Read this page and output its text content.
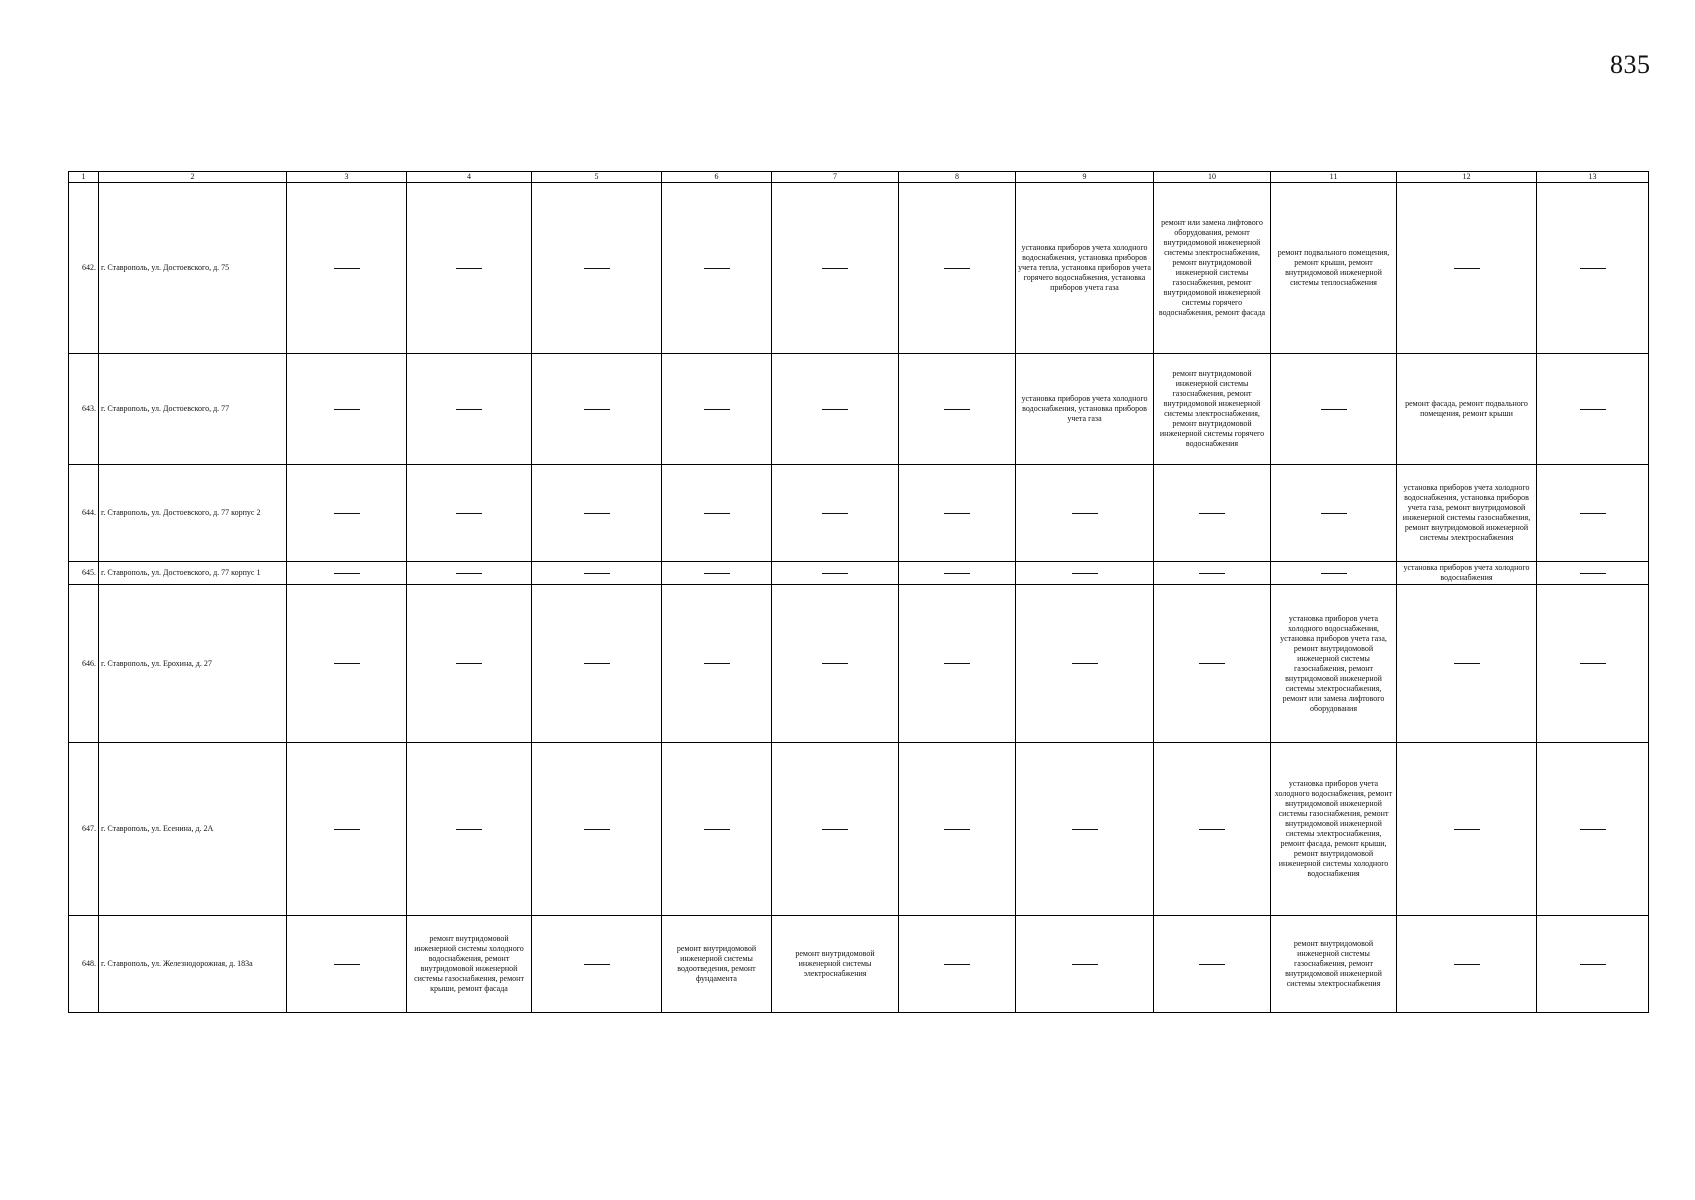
835
1	2	3	4	5	6	7	8	9	10	11	12	13
642.	г. Ставрополь, ул. Достоевского, д. 75							установка приборов учета холодного водоснабжения, установка приборов учета тепла, установка приборов учета горячего водоснабжения, установка приборов учета газа	ремонт или замена лифтового оборудования, ремонт внутридомовой инженерной системы электроснабжения, ремонт внутридомовой инженерной системы газоснабжения, ремонт внутридомовой инженерной системы горячего водоснабжения, ремонт фасада	ремонт подвального помещения, ремонт крыши, ремонт внутридомовой инженерной системы теплоснабжения		
643.	г. Ставрополь, ул. Достоевского, д. 77							установка приборов учета холодного водоснабжения, установка приборов учета газа	ремонт внутридомовой инженерной системы газоснабжения, ремонт внутридомовой инженерной системы электроснабжения, ремонт внутридомовой инженерной системы горячего водоснабжения		ремонт фасада, ремонт подвального помещения, ремонт крыши	
644.	г. Ставрополь, ул. Достоевского, д. 77 корпус 2										установка приборов учета холодного водоснабжения, установка приборов учета газа, ремонт внутридомовой инженерной системы газоснабжения, ремонт внутридомовой инженерной системы электроснабжения	
645.	г. Ставрополь, ул. Достоевского, д. 77 корпус 1										установка приборов учета холодного водоснабжения	
646.	г. Ставрополь, ул. Ерохина, д. 27									установка приборов учета холодного водоснабжения, установка приборов учета газа, ремонт внутридомовой инженерной системы газоснабжения, ремонт внутридомовой инженерной системы электроснабжения, ремонт или замена лифтового оборудования		
647.	г. Ставрополь, ул. Есенина, д. 2А									установка приборов учета холодного водоснабжения, ремонт внутридомовой инженерной системы газоснабжения, ремонт внутридомовой инженерной системы электроснабжения, ремонт фасада, ремонт крыши, ремонт внутридомовой инженерной системы холодного водоснабжения		
648.	г. Ставрополь, ул. Железнодорожная, д. 183а		ремонт внутридомовой инженерной системы холодного водоснабжения, ремонт внутридомовой инженерной системы газоснабжения, ремонт крыши, ремонт фасада		ремонт внутридомовой инженерной системы водоотведения, ремонт фундамента	ремонт внутридомовой инженерной системы электроснабжения				ремонт внутридомовой инженерной системы газоснабжения, ремонт внутридомовой инженерной системы электроснабжения		
